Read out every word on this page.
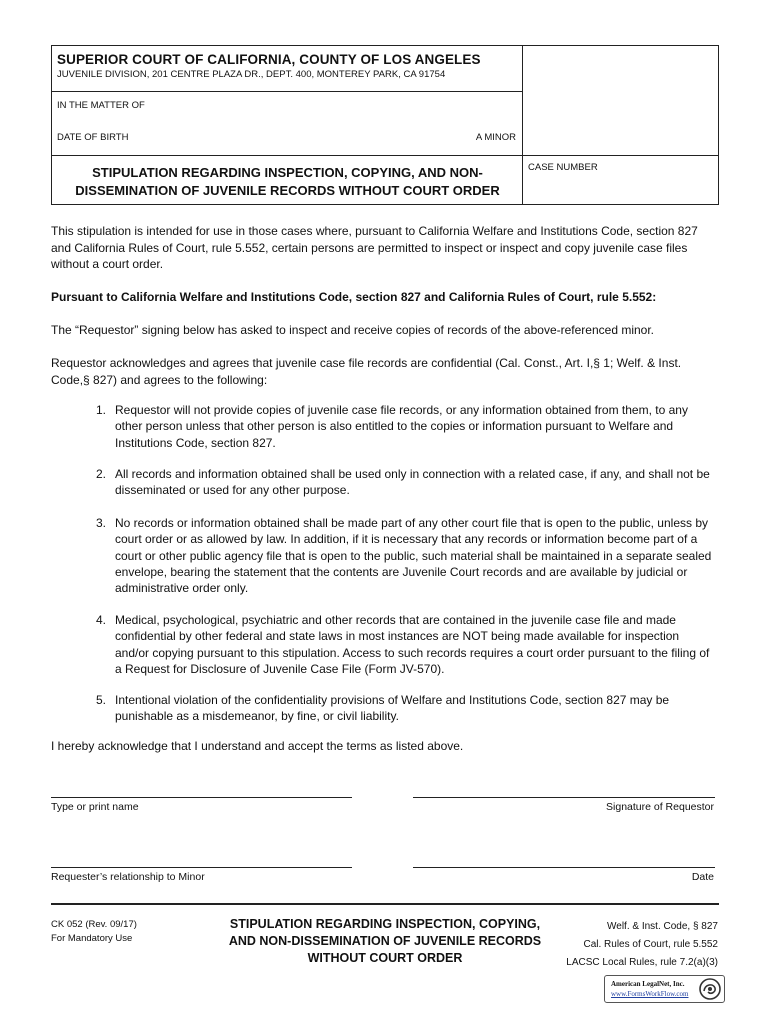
SUPERIOR COURT OF CALIFORNIA, COUNTY OF LOS ANGELES
JUVENILE DIVISION, 201 CENTRE PLAZA DR., DEPT. 400, MONTEREY PARK, CA 91754
IN THE MATTER OF
DATE OF BIRTH	A MINOR
STIPULATION REGARDING INSPECTION, COPYING, AND NON-
DISSEMINATION OF JUVENILE RECORDS WITHOUT COURT ORDER
CASE NUMBER
This stipulation is intended for use in those cases where, pursuant to California Welfare and Institutions Code, section 827 and California Rules of Court, rule 5.552, certain persons are permitted to inspect or inspect and copy juvenile case files without a court order.
Pursuant to California Welfare and Institutions Code, section 827 and California Rules of Court, rule 5.552:
The “Requestor” signing below has asked to inspect and receive copies of records of the above-referenced minor.
Requestor acknowledges and agrees that juvenile case file records are confidential (Cal. Const., Art. I,§ 1; Welf. & Inst. Code,§ 827) and agrees to the following:
1. Requestor will not provide copies of juvenile case file records, or any information obtained from them, to any other person unless that other person is also entitled to the copies or information pursuant to Welfare and Institutions Code, section 827.
2. All records and information obtained shall be used only in connection with a related case, if any, and shall not be disseminated or used for any other purpose.
3. No records or information obtained shall be made part of any other court file that is open to the public, unless by court order or as allowed by law. In addition, if it is necessary that any records or information become part of a court or other public agency file that is open to the public, such material shall be maintained in a separate sealed envelope, bearing the statement that the contents are Juvenile Court records and are available by judicial or administrative order only.
4. Medical, psychological, psychiatric and other records that are contained in the juvenile case file and made confidential by other federal and state laws in most instances are NOT being made available for inspection and/or copying pursuant to this stipulation. Access to such records requires a court order pursuant to the filing of a Request for Disclosure of Juvenile Case File (Form JV-570).
5. Intentional violation of the confidentiality provisions of Welfare and Institutions Code, section 827 may be punishable as a misdemeanor, by fine, or civil liability.
I hereby acknowledge that I understand and accept the terms as listed above.
Type or print name	Signature of Requestor
Requester’s relationship to Minor	Date
CK 052 (Rev. 09/17)
For Mandatory Use
STIPULATION REGARDING INSPECTION, COPYING,
AND NON-DISSEMINATION OF JUVENILE RECORDS
WITHOUT COURT ORDER
Welf. & Inst. Code, § 827
Cal. Rules of Court, rule 5.552
LACSC Local Rules, rule 7.2(a)(3)
American LegalNet, Inc.
www.FormsWorkFlow.com
